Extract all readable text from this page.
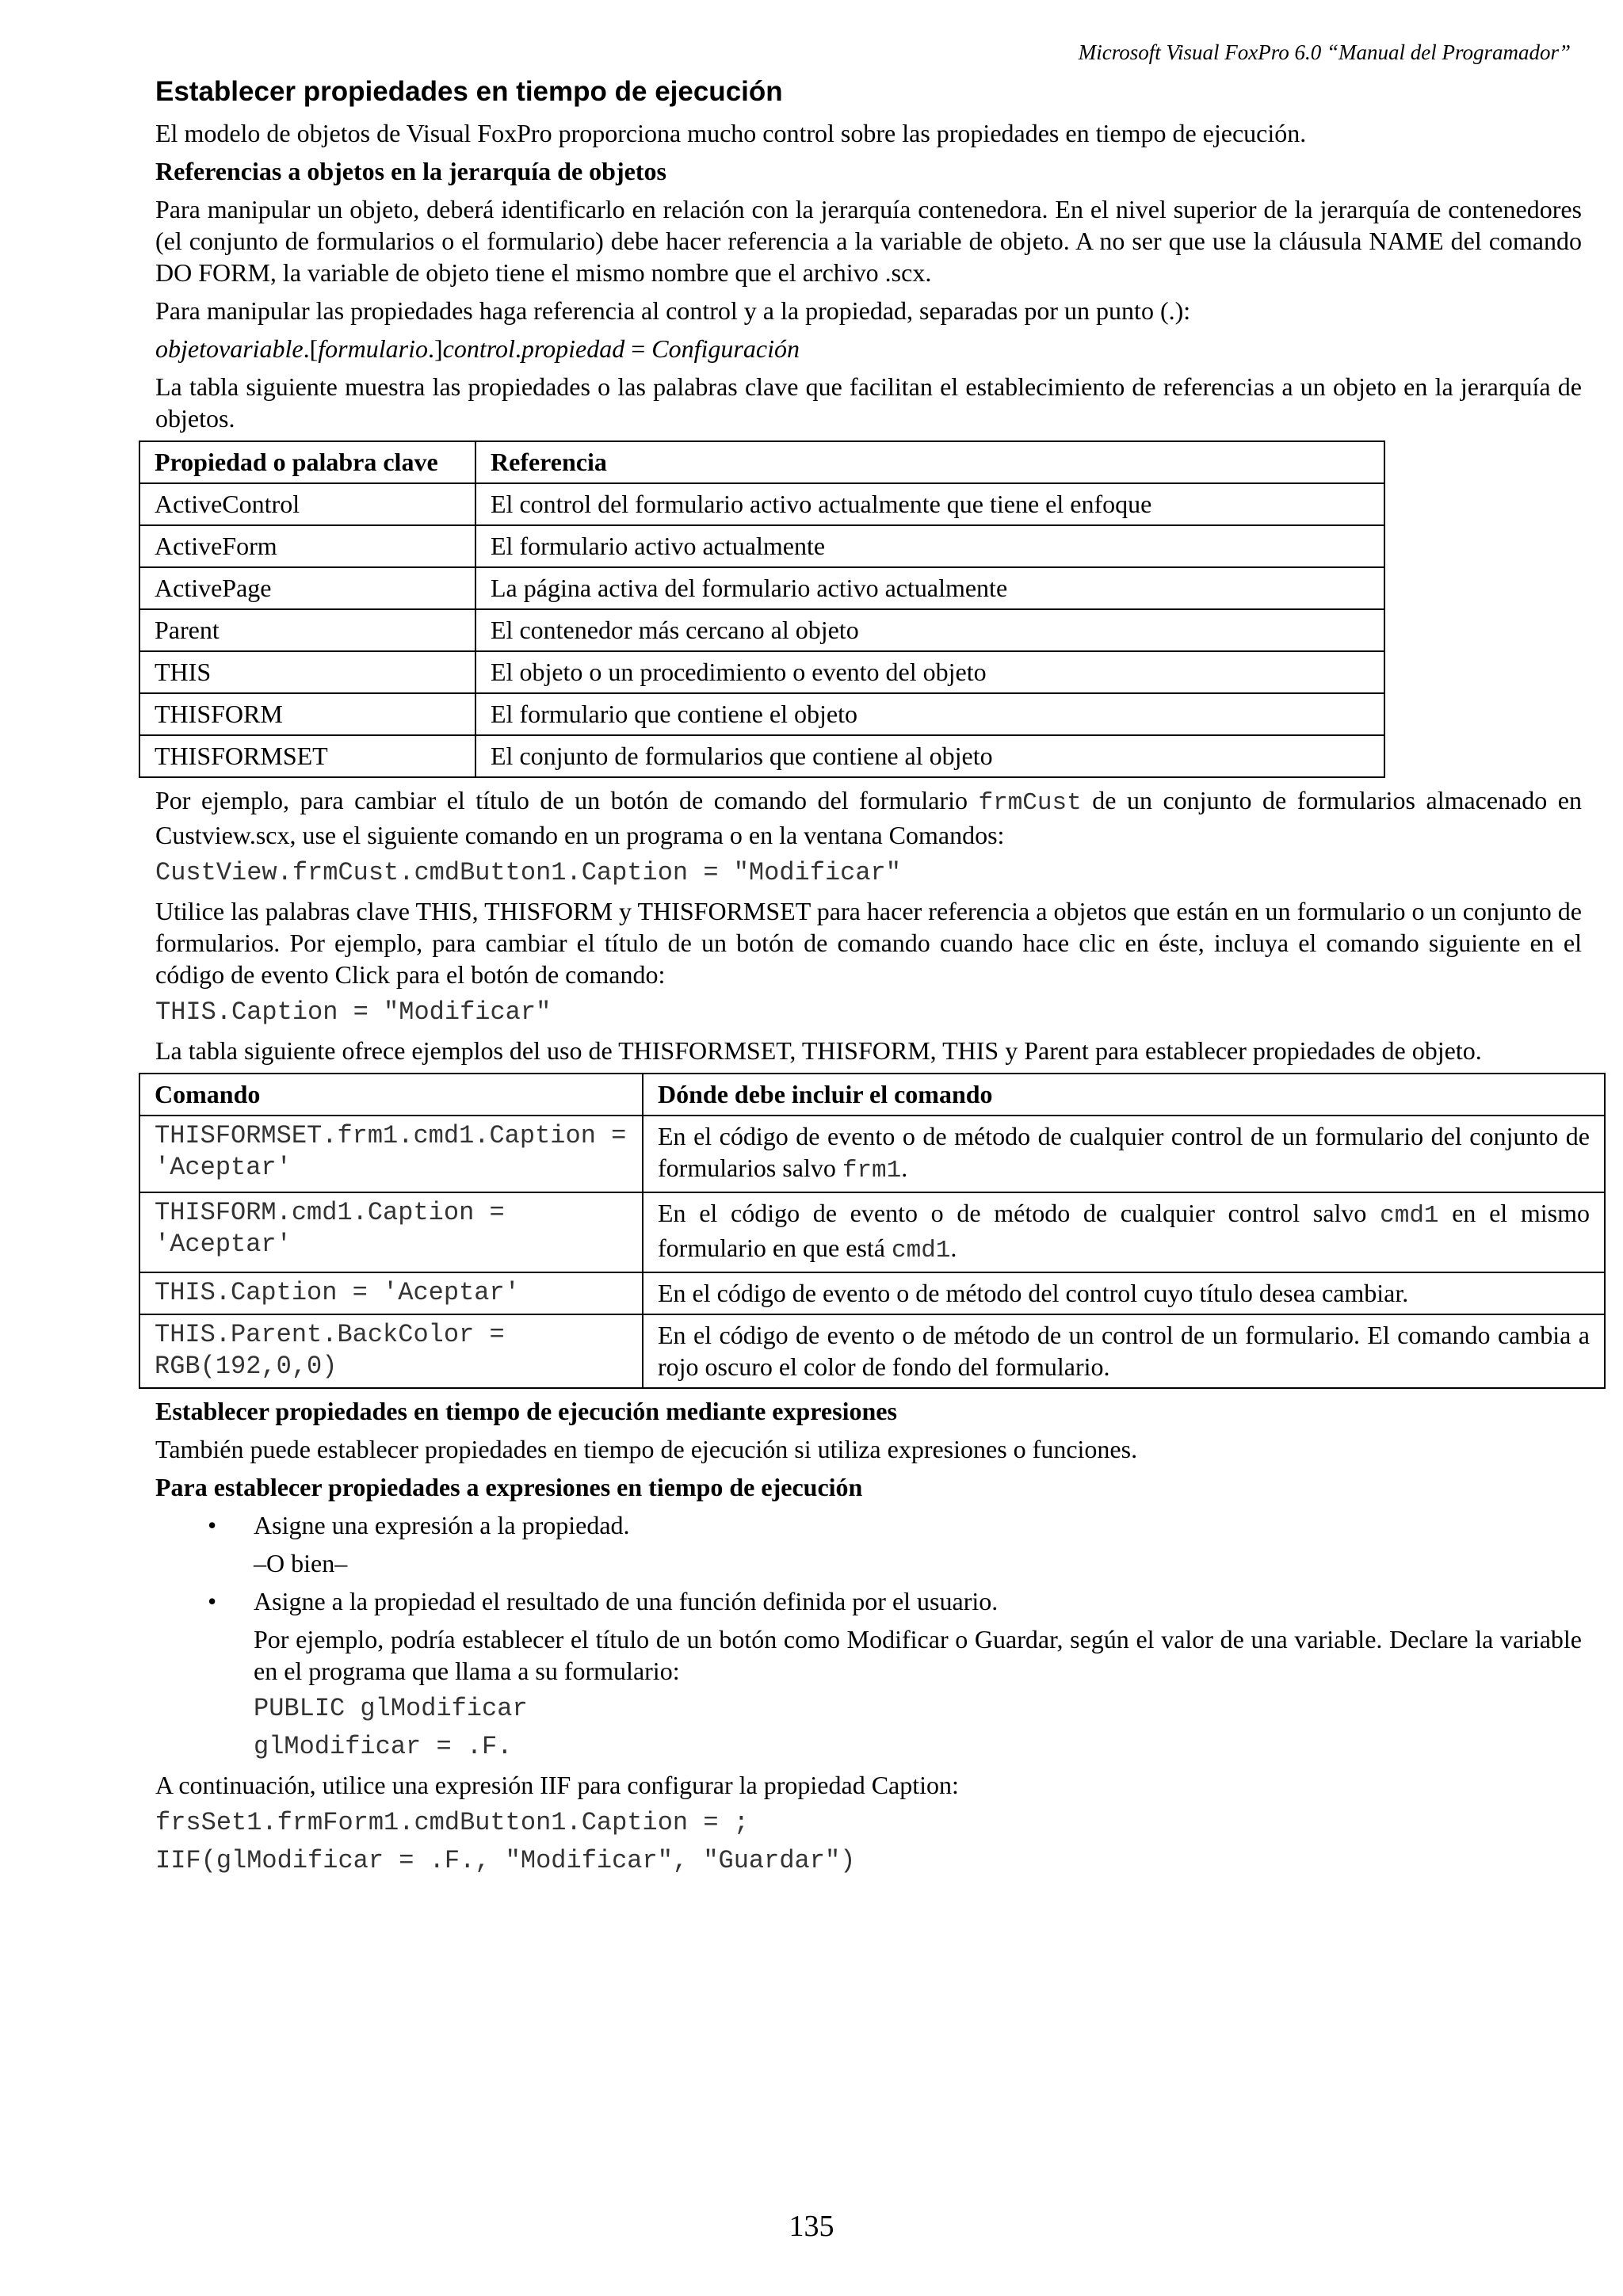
Microsoft Visual FoxPro 6.0 “Manual del Programador”
Establecer propiedades en tiempo de ejecución

El modelo de objetos de Visual FoxPro proporciona mucho control sobre las propiedades en tiempo de ejecución.

Referencias a objetos en la jerarquía de objetos

Para manipular un objeto, deberá identificarlo en relación con la jerarquía contenedora. En el nivel superior de la jerarquía de contenedores (el conjunto de formularios o el formulario) debe hacer referencia a la variable de objeto. A no ser que use la cláusula NAME del comando DO FORM, la variable de objeto tiene el mismo nombre que el archivo .scx.

Para manipular las propiedades haga referencia al control y a la propiedad, separadas por un punto (.):

objetovariable.[formulario.]control.propiedad = Configuración

La tabla siguiente muestra las propiedades o las palabras clave que facilitan el establecimiento de referencias a un objeto en la jerarquía de objetos.

Propiedad o palabra clave	Referencia
ActiveControl	El control del formulario activo actualmente que tiene el enfoque
ActiveForm	El formulario activo actualmente
ActivePage	La página activa del formulario activo actualmente
Parent	El contenedor más cercano al objeto
THIS	El objeto o un procedimiento o evento del objeto
THISFORM	El formulario que contiene el objeto
THISFORMSET	El conjunto de formularios que contiene al objeto

Por ejemplo, para cambiar el título de un botón de comando del formulario frmCust de un conjunto de formularios almacenado en Custview.scx, use el siguiente comando en un programa o en la ventana Comandos:

CustView.frmCust.cmdButton1.Caption = "Modificar"

Utilice las palabras clave THIS, THISFORM y THISFORMSET para hacer referencia a objetos que están en un formulario o un conjunto de formularios. Por ejemplo, para cambiar el título de un botón de comando cuando hace clic en éste, incluya el comando siguiente en el código de evento Click para el botón de comando:

THIS.Caption = "Modificar"

La tabla siguiente ofrece ejemplos del uso de THISFORMSET, THISFORM, THIS y Parent para establecer propiedades de objeto.

Comando	Dónde debe incluir el comando
THISFORMSET.frm1.cmd1.Caption = 'Aceptar'	En el código de evento o de método de cualquier control de un formulario del conjunto de formularios salvo frm1.
THISFORM.cmd1.Caption = 'Aceptar'	En el código de evento o de método de cualquier control salvo cmd1 en el mismo formulario en que está cmd1.
THIS.Caption = 'Aceptar'	En el código de evento o de método del control cuyo título desea cambiar.
THIS.Parent.BackColor = RGB(192,0,0)	En el código de evento o de método de un control de un formulario. El comando cambia a rojo oscuro el color de fondo del formulario.

Establecer propiedades en tiempo de ejecución mediante expresiones

También puede establecer propiedades en tiempo de ejecución si utiliza expresiones o funciones.

Para establecer propiedades a expresiones en tiempo de ejecución

• Asigne una expresión a la propiedad.

–O bien–

• Asigne a la propiedad el resultado de una función definida por el usuario.

Por ejemplo, podría establecer el título de un botón como Modificar o Guardar, según el valor de una variable. Declare la variable en el programa que llama a su formulario:

PUBLIC glModificar
glModificar = .F.

A continuación, utilice una expresión IIF para configurar la propiedad Caption:

frsSet1.frmForm1.cmdButton1.Caption = ;
IIF(glModificar = .F., "Modificar", "Guardar")
135
